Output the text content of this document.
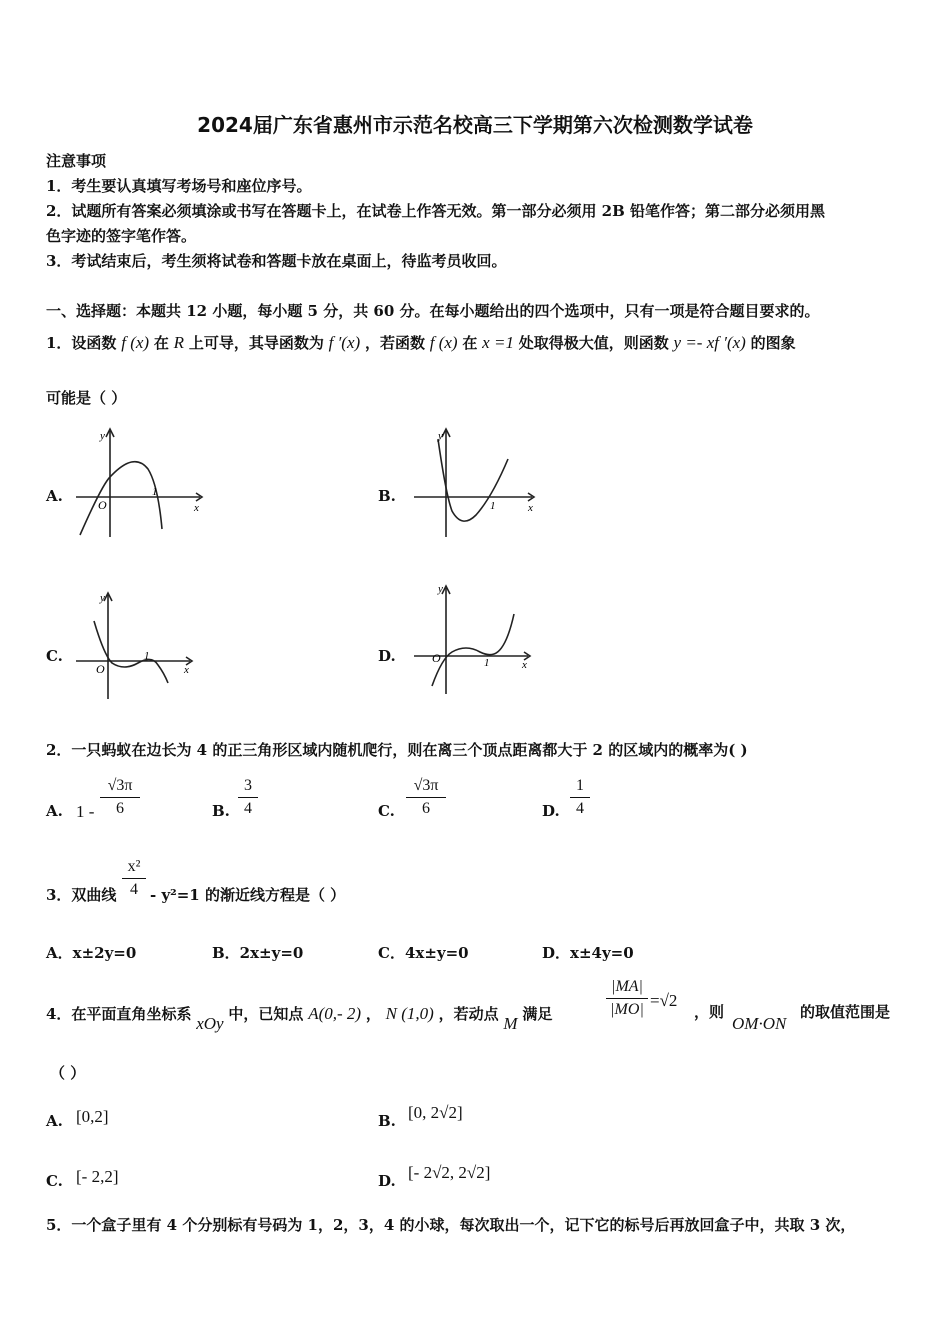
2024届广东省惠州市示范名校高三下学期第六次检测数学试卷
注意事项
1．考生要认真填写考场号和座位序号。
2．试题所有答案必须填涂或书写在答题卡上，在试卷上作答无效。第一部分必须用 2B 铅笔作答；第二部分必须用黑
色字迹的签字笔作答。
3．考试结束后，考生须将试卷和答题卡放在桌面上，待监考员收回。
一、选择题：本题共 12 小题，每小题 5 分，共 60 分。在每小题给出的四个选项中，只有一项是符合题目要求的。
1．设函数 f (x) 在 R 上可导，其导函数为 f ′(x) ，若函数 f (x) 在 x =1 处取得极大值，则函数 y =- xf ′(x) 的图象
可能是（ ）
A.
y
x
O
1	B.
y
x
1
C.
y
x
O
1	D.
y
x
O	1
2．一只蚂蚁在边长为 4 的正三角形区域内随机爬行，则在离三个顶点距离都大于 2 的区域内的概率为( )
A. $1 - \frac{√3\pi}{6}$	B. $\frac{3}{4}$	C. $\frac{√3\pi}{6}$	D. $\frac{1}{4}$
3．双曲线 $\frac{\text{x²}}{4} - y^2=1$ 的渐近线方程是（ ）
A．x±2y=0	B．2x±y=0	C．4x±y=0	D．x±4y=0
4．在平面直角坐标系 xOy 中，已知点 A(0,- 2) ， N (1,0) ，若动点 M 满足	$\frac{|MA|}{|MO|} =√2$
，则
OM·ON
的取值范围是
（ ）
A. [0,2]	B. [0, 2√2]
C. [- 2,2]	D. [- 2√2, 2√2]
5．一个盒子里有 4 个分别标有号码为 1，2，3，4 的小球，每次取出一个，记下它的标号后再放回盒子中，共取 3 次，
